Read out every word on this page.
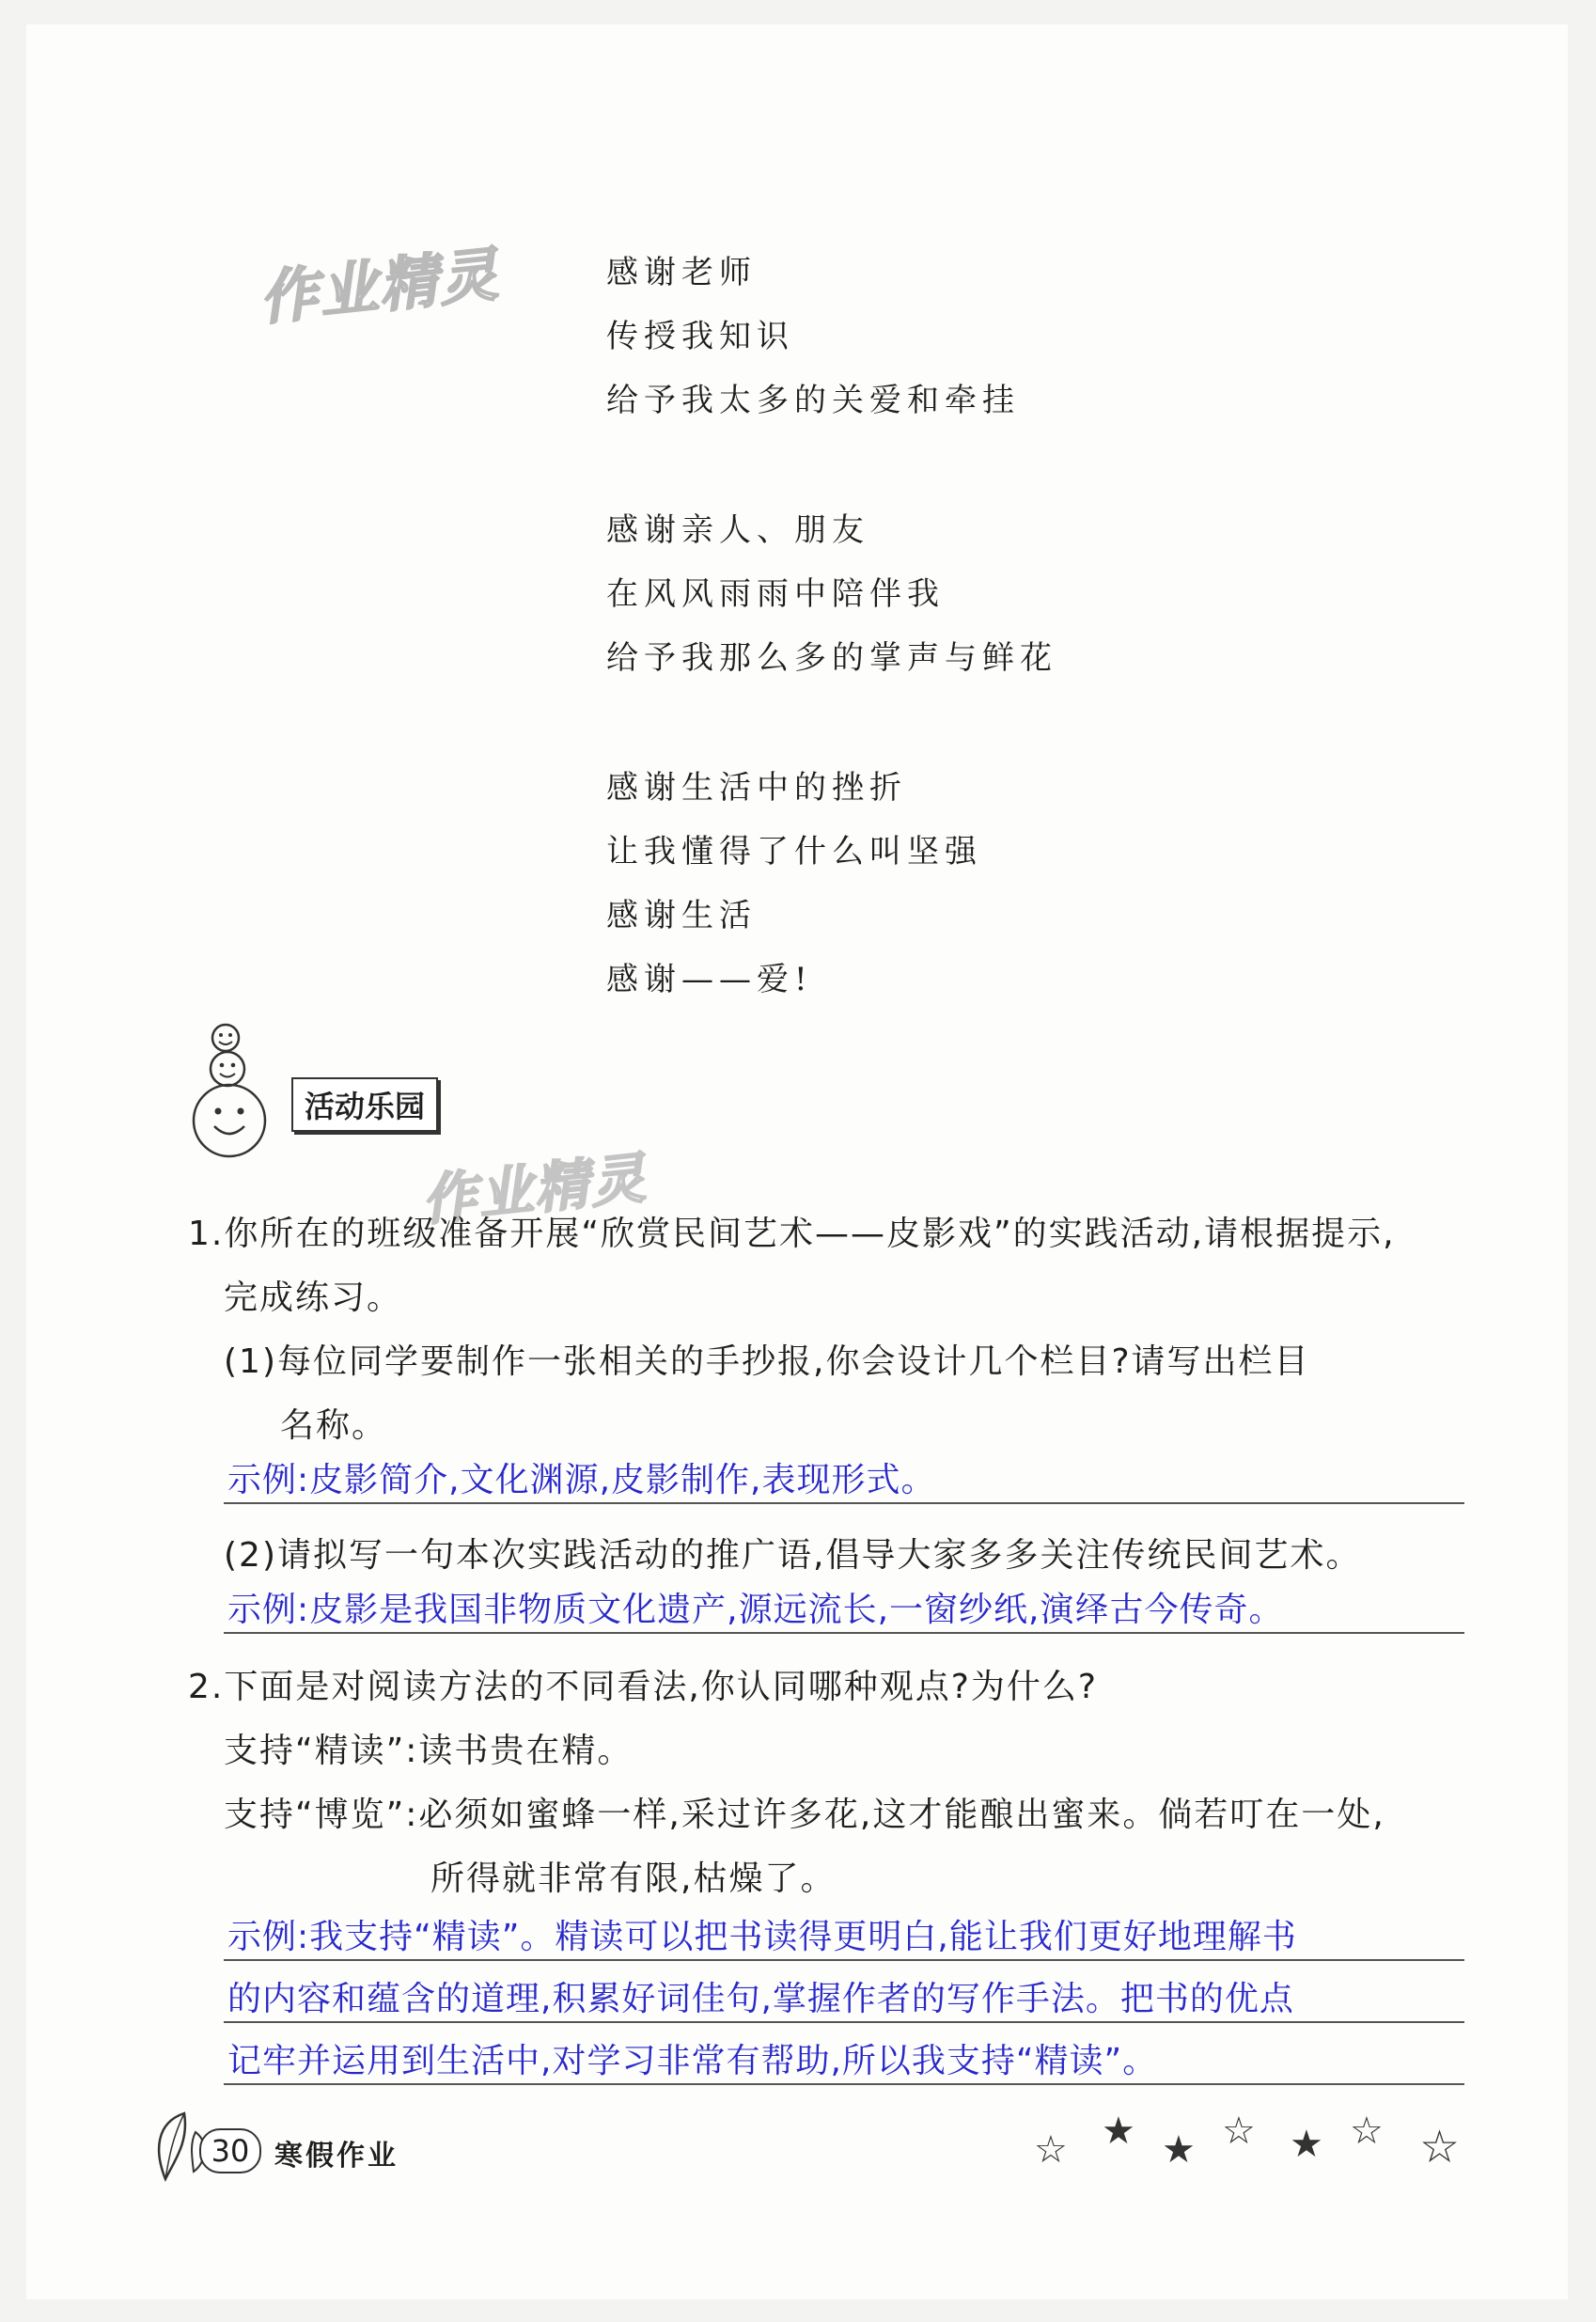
作业精灵
作业精灵
感谢老师
传授我知识
给予我太多的关爱和牵挂
感谢亲人、朋友
在风风雨雨中陪伴我
给予我那么多的掌声与鲜花
感谢生活中的挫折
让我懂得了什么叫坚强
感谢生活
感谢——爱!
活动乐园
1.你所在的班级准备开展“欣赏民间艺术——皮影戏”的实践活动,请根据提示,
完成练习。
(1)每位同学要制作一张相关的手抄报,你会设计几个栏目?请写出栏目
名称。
示例:皮影简介,文化渊源,皮影制作,表现形式。
(2)请拟写一句本次实践活动的推广语,倡导大家多多关注传统民间艺术。
示例:皮影是我国非物质文化遗产,源远流长,一窗纱纸,演绎古今传奇。
2.下面是对阅读方法的不同看法,你认同哪种观点?为什么?
支持“精读”:读书贵在精。
支持“博览”:必须如蜜蜂一样,采过许多花,这才能酿出蜜来。倘若叮在一处,
所得就非常有限,枯燥了。
示例:我支持“精读”。精读可以把书读得更明白,能让我们更好地理解书
的内容和蕴含的道理,积累好词佳句,掌握作者的写作手法。把书的优点
记牢并运用到生活中,对学习非常有帮助,所以我支持“精读”。
30 寒假作业	☆ ★ ★ ☆ ★ ☆ ☆
